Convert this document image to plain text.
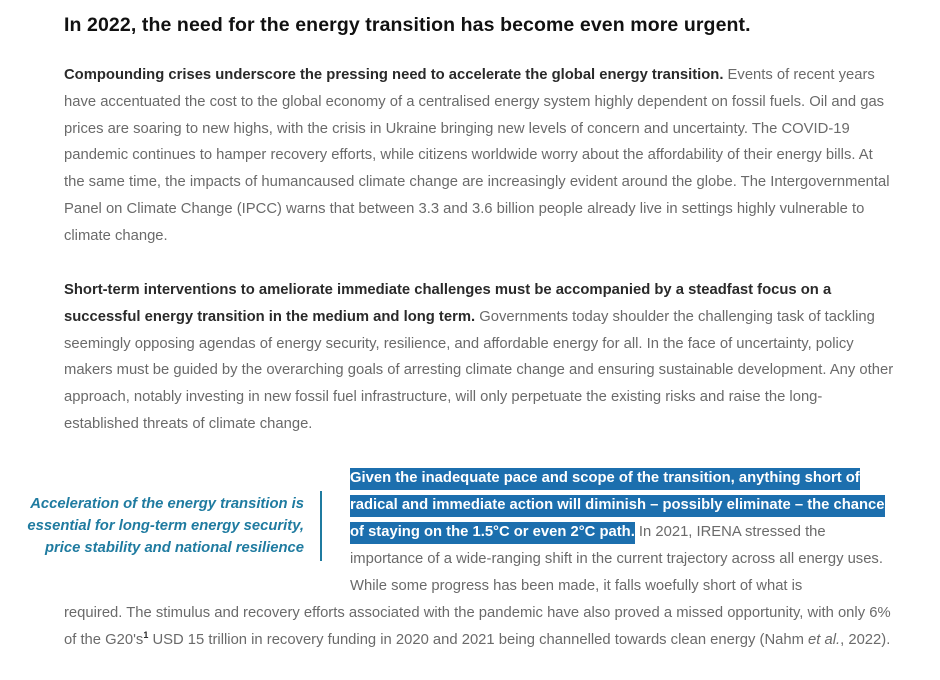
In 2022, the need for the energy transition has become even more urgent.

Compounding crises underscore the pressing need to accelerate the global energy transition. Events of recent years have accentuated the cost to the global economy of a centralised energy system highly dependent on fossil fuels. Oil and gas prices are soaring to new highs, with the crisis in Ukraine bringing new levels of concern and uncertainty. The COVID-19 pandemic continues to hamper recovery efforts, while citizens worldwide worry about the affordability of their energy bills. At the same time, the impacts of humancaused climate change are increasingly evident around the globe. The Intergovernmental Panel on Climate Change (IPCC) warns that between 3.3 and 3.6 billion people already live in settings highly vulnerable to climate change.

Short-term interventions to ameliorate immediate challenges must be accompanied by a steadfast focus on a successful energy transition in the medium and long term. Governments today shoulder the challenging task of tackling seemingly opposing agendas of energy security, resilience, and affordable energy for all. In the face of uncertainty, policy makers must be guided by the overarching goals of arresting climate change and ensuring sustainable development. Any other approach, notably investing in new fossil fuel infrastructure, will only perpetuate the existing risks and raise the long-established threats of climate change.

Acceleration of the energy transition is
essential for long-term energy security,
price stability and national resilience

Given the inadequate pace and scope of the transition, anything short of radical and immediate action will diminish – possibly eliminate – the chance of staying on the 1.5°C or even 2°C path. In 2021, IRENA stressed the importance of a wide-ranging shift in the current trajectory across all energy uses. While some progress has been made, it falls woefully short of what is

required. The stimulus and recovery efforts associated with the pandemic have also proved a missed opportunity, with only 6% of the $G20's^1$ USD 15 trillion in recovery funding in 2020 and 2021 being channelled towards clean energy (Nahm et al., 2022).
